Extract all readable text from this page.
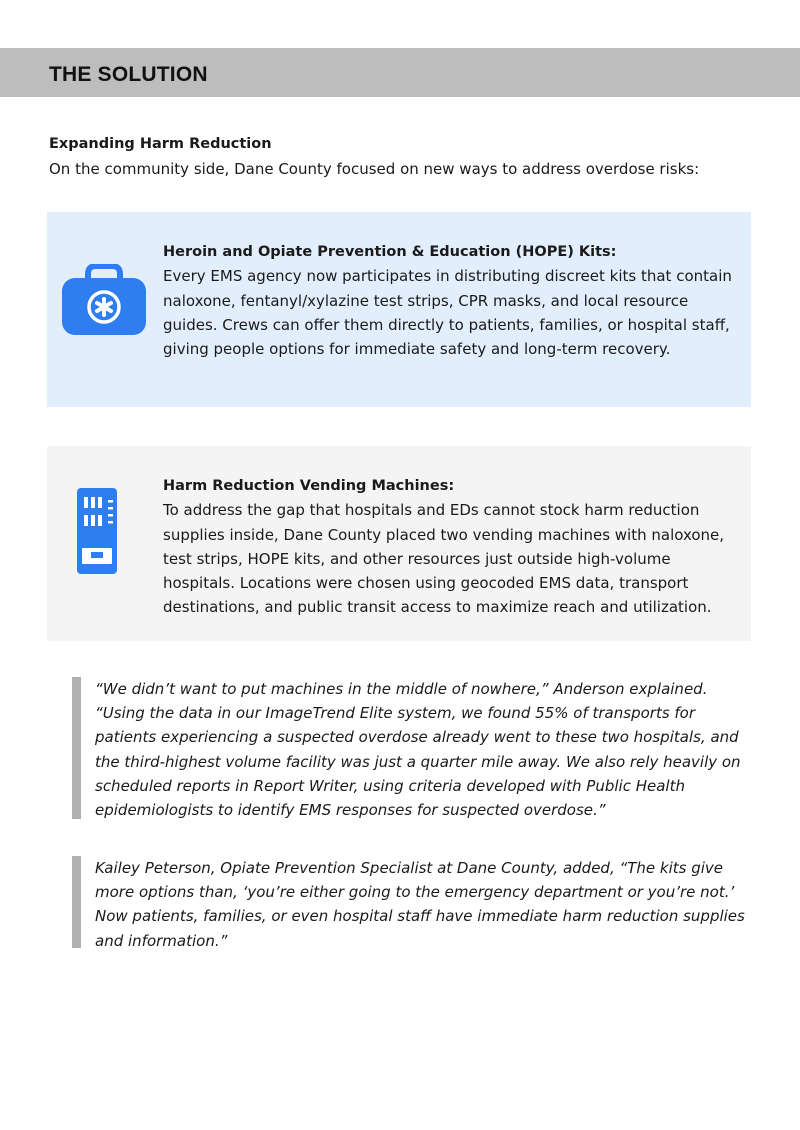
THE SOLUTION
Expanding Harm Reduction
On the community side, Dane County focused on new ways to address overdose risks:
Heroin and Opiate Prevention & Education (HOPE) Kits:
Every EMS agency now participates in distributing discreet kits that contain naloxone, fentanyl/xylazine test strips, CPR masks, and local resource guides. Crews can offer them directly to patients, families, or hospital staff, giving people options for immediate safety and long-term recovery.
Harm Reduction Vending Machines:
To address the gap that hospitals and EDs cannot stock harm reduction supplies inside, Dane County placed two vending machines with naloxone, test strips, HOPE kits, and other resources just outside high-volume hospitals. Locations were chosen using geocoded EMS data, transport destinations, and public transit access to maximize reach and utilization.
“We didn’t want to put machines in the middle of nowhere,” Anderson explained. “Using the data in our ImageTrend Elite system, we found 55% of transports for patients experiencing a suspected overdose already went to these two hospitals, and the third-highest volume facility was just a quarter mile away. We also rely heavily on scheduled reports in Report Writer, using criteria developed with Public Health epidemiologists to identify EMS responses for suspected overdose.”
Kailey Peterson, Opiate Prevention Specialist at Dane County, added, “The kits give more options than, ‘you’re either going to the emergency department or you’re not.’ Now patients, families, or even hospital staff have immediate harm reduction supplies and information.”
